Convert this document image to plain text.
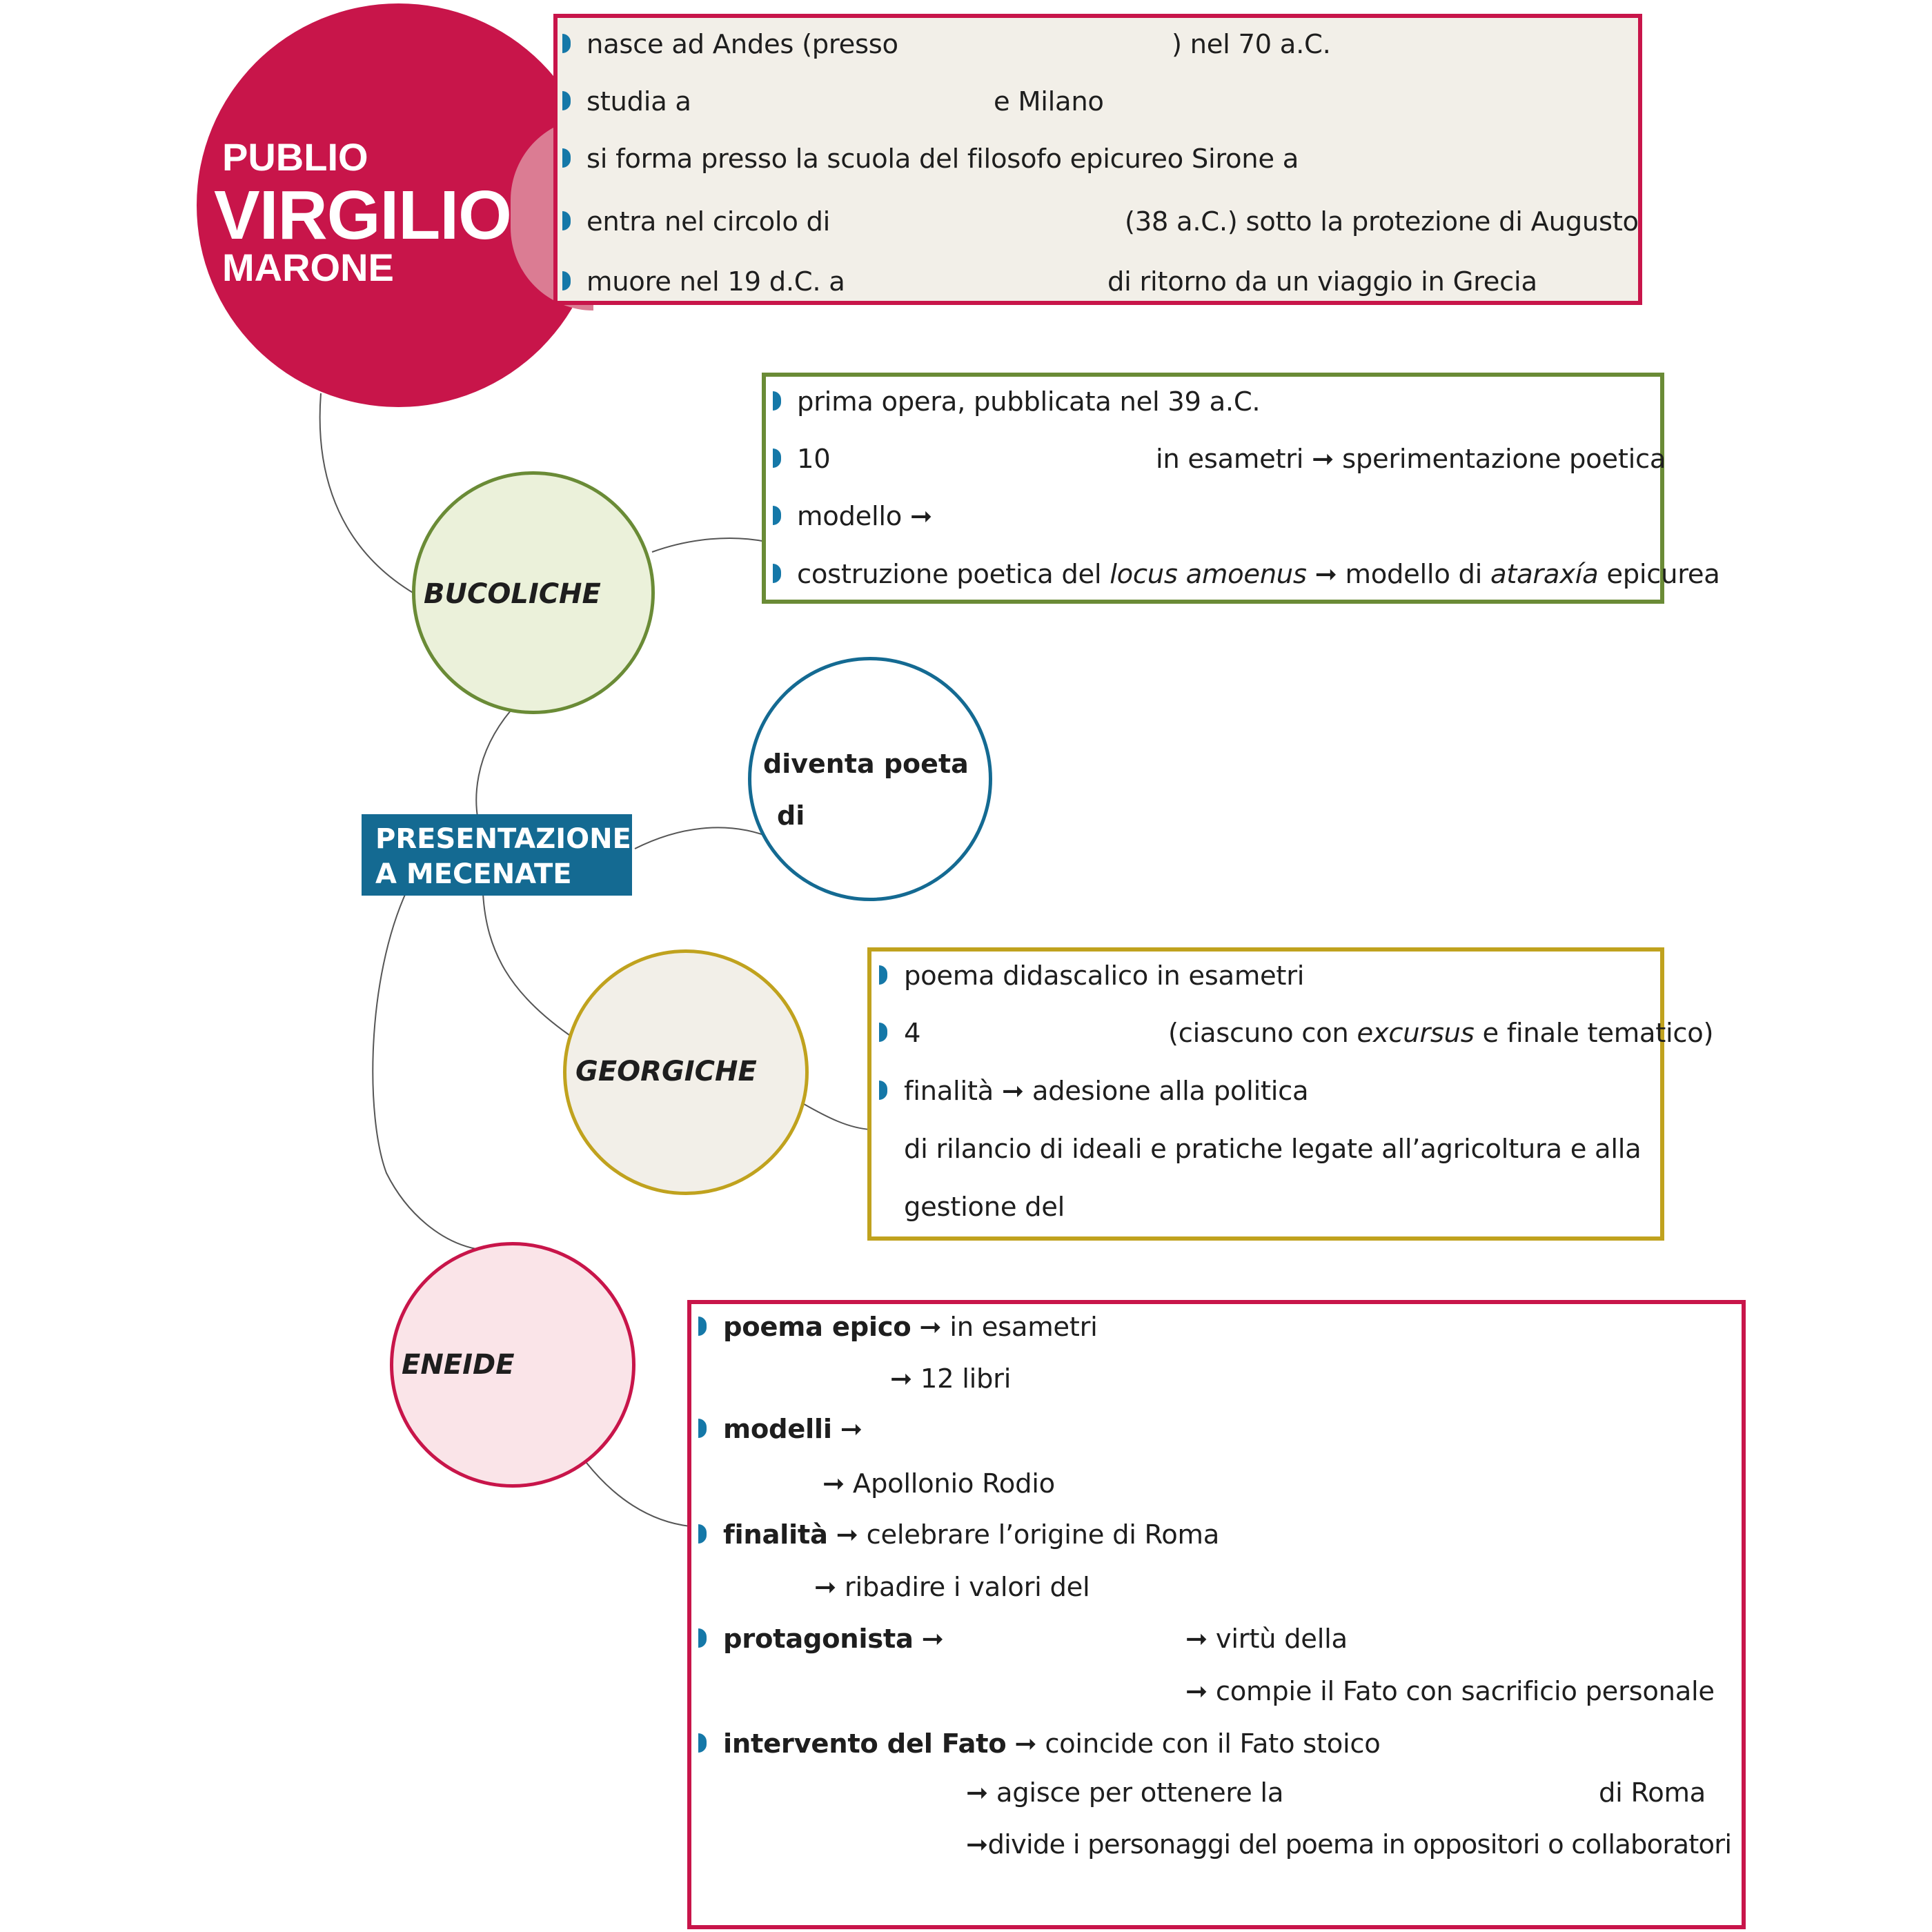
PUBLIO
VIRGILIO
MARONE
nasce ad Andes (presso	) nel 70 a.C.
studia a	e Milano
si forma presso la scuola del filosofo epicureo Sirone a
entra nel circolo di	(38 a.C.) sotto la protezione di Augusto
muore nel 19 d.C. a	di ritorno da un viaggio in Grecia
BUCOLICHE
prima opera, pubblicata nel 39 a.C.
10	in esametri ➞ sperimentazione poetica
modello ➞
costruzione poetica del locus amoenus ➞ modello di ataraxía epicurea
PRESENTAZIONE
A MECENATE
diventa poeta
di
GEORGICHE
poema didascalico in esametri
4	(ciascuno con excursus e finale tematico)
finalità ➞ adesione alla politica
di rilancio di ideali e pratiche legate all’agricoltura e alla
gestione del
ENEIDE
poema epico ➞ in esametri
➞ 12 libri
modelli ➞
➞ Apollonio Rodio
finalità ➞ celebrare l’origine di Roma
➞ ribadire i valori del
protagonista ➞	➞ virtù della
➞ compie il Fato con sacrificio personale
intervento del Fato ➞ coincide con il Fato stoico
➞ agisce per ottenere la	di Roma
➞divide i personaggi del poema in oppositori o collaboratori
